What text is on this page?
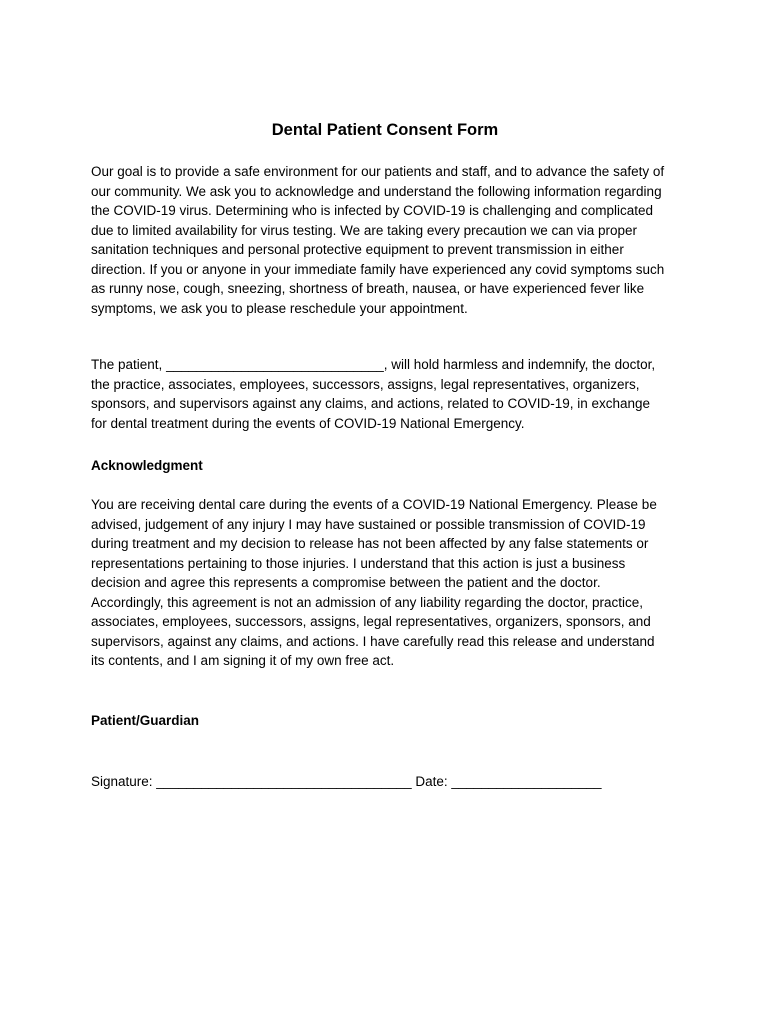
Dental Patient Consent Form

Our goal is to provide a safe environment for our patients and staff, and to advance the safety of
our community. We ask you to acknowledge and understand the following information regarding
the COVID-19 virus. Determining who is infected by COVID-19 is challenging and complicated
due to limited availability for virus testing. We are taking every precaution we can via proper
sanitation techniques and personal protective equipment to prevent transmission in either
direction. If you or anyone in your immediate family have experienced any covid symptoms such
as runny nose, cough, sneezing, shortness of breath, nausea, or have experienced fever like
symptoms, we ask you to please reschedule your appointment.

The patient, _____________________________, will hold harmless and indemnify, the doctor,
the practice, associates, employees, successors, assigns, legal representatives, organizers,
sponsors, and supervisors against any claims, and actions, related to COVID-19, in exchange
for dental treatment during the events of COVID-19 National Emergency.

Acknowledgment

You are receiving dental care during the events of a COVID-19 National Emergency. Please be
advised, judgement of any injury I may have sustained or possible transmission of COVID-19
during treatment and my decision to release has not been affected by any false statements or
representations pertaining to those injuries. I understand that this action is just a business
decision and agree this represents a compromise between the patient and the doctor.
Accordingly, this agreement is not an admission of any liability regarding the doctor, practice,
associates, employees, successors, assigns, legal representatives, organizers, sponsors, and
supervisors, against any claims, and actions. I have carefully read this release and understand
its contents, and I am signing it of my own free act.

Patient/Guardian

Signature: __________________________________ Date: ____________________
